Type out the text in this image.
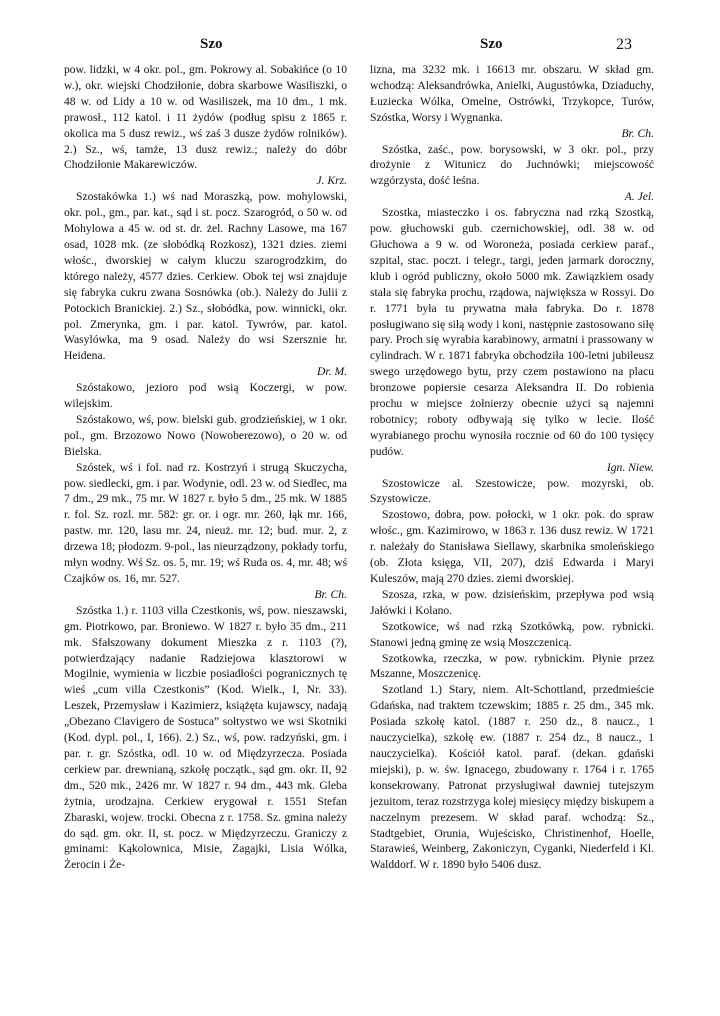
Szo	Szo	23

pow. lidzki, w 4 okr. pol., gm. Pokrowy al. Sobakińce (o 10 w.), okr. wiejski Chodziłonie, dobra skarbowe Wasiliszki, o 48 w. od Lidy a 10 w. od Wasiliszek, ma 10 dm., 1 mk. prawosł., 112 katol. i 11 żydów (podług spisu z 1865 r. okolica ma 5 dusz rewiz., wś zaś 3 dusze żydów rolników). 2.) Sz., wś, tamże, 13 dusz rewiz.; należy do dóbr Chodziłonie Makarewiczów.
J. Krz.

Szostakówka 1.) wś nad Moraszką, pow. mohylowski, okr. pol., gm., par. kat., sąd i st. pocz. Szarogród, o 50 w. od Mohylowa a 45 w. od st. dr. żel. Rachny Lasowe, ma 167 osad, 1028 mk. (ze słobódką Rozkosz), 1321 dzies. ziemi włośc., dworskiej w całym kluczu szarogrodzkim, do którego należy, 4577 dzies. Cerkiew. Obok tej wsi znajduje się fabryka cukru zwana Sosnówka (ob.). Należy do Julii z Potockich Branickiej. 2.) Sz., słobódka, pow. winnicki, okr. pol. Zmerynka, gm. i par. katol. Tywrów, par. katol. Wasylówka, ma 9 osad. Należy do wsi Szersznie hr. Heidena.
Dr. M.

Szóstakowo, jezioro pod wsią Koczergi, w pow. wilejskim.

Szóstakowo, wś, pow. bielski gub. grodzieńskiej, w 1 okr. pol., gm. Brzozowo Nowo (Nowoberezowo), o 20 w. od Bielska.

Szóstek, wś i fol. nad rz. Kostrzyń i strugą Skuczycha, pow. siedlecki, gm. i par. Wodynie, odl. 23 w. od Siedlec, ma 7 dm., 29 mk., 75 mr. W 1827 r. było 5 dm., 25 mk. W 1885 r. fol. Sz. rozl. mr. 582: gr. or. i ogr. mr. 260, łąk mr. 166, pastw. mr. 120, lasu mr. 24, nieuż. mr. 12; bud. mur. 2, z drzewa 18; płodozm. 9-pol., las nieurządzony, pokłady torfu, młyn wodny. Wś Sz. os. 5, mr. 19; wś Ruda os. 4, mr. 48; wś Czajków os. 16, mr. 527.
Br. Ch.

Szóstka 1.) r. 1103 villa Czestkonis, wś, pow. nieszawski, gm. Piotrkowo, par. Broniewo. W 1827 r. było 35 dm., 211 mk. Sfałszowany dokument Mieszka z r. 1103 (?), potwierdzający nadanie Radziejowa klasztorowi w Mogilnie, wymienia w liczbie posiadłości pogranicznych tę wieś „cum villa Czestkonis” (Kod. Wielk., I, Nr. 33). Leszek, Przemysław i Kazimierz, książęta kujawscy, nadają „Obezano Clavigero de Sostuca” sołtystwo we wsi Skotniki (Kod. dypl. pol., I, 166). 2.) Sz., wś, pow. radzyński, gm. i par. r. gr. Szóstka, odl. 10 w. od Międzyrzecza. Posiada cerkiew par. drewnianą, szkołę początk., sąd gm. okr. II, 92 dm., 520 mk., 2426 mr. W 1827 r. 94 dm., 443 mk. Gleba żytnia, urodzajna. Cerkiew erygował r. 1551 Stefan Zbaraski, wojew. trocki. Obecna z r. 1758. Sz. gmina należy do sąd. gm. okr. II, st. pocz. w Międzyrzeczu. Graniczy z gminami: Kąkolownica, Misie, Zagajki, Lisia Wólka, Żerocin i Że-

lizna, ma 3232 mk. i 16613 mr. obszaru. W skład gm. wchodzą: Aleksandrówka, Anielki, Augustówka, Dziaduchy, Łuzieckа Wólka, Omelne, Ostrówki, Trzykopce, Turów, Szóstka, Worsy i Wygnanka.
Br. Ch.

Szóstka, zaśc., pow. borysowski, w 3 okr. pol., przy drożynie z Witunicz do Juchnówki; miejscowość wzgórzysta, dość leśna.
A. Jel.

Szostka, miasteczko i os. fabryczna nad rzką Szostką, pow. głuchowski gub. czernichowskiej, odl. 38 w. od Głuchowa a 9 w. od Woroneża, posiada cerkiew paraf., szpital, stac. poczt. i telegr., targi, jeden jarmark doroczny, klub i ogród publiczny, około 5000 mk. Zawiązkiem osady stała się fabryka prochu, rządowa, największa w Rossyi. Do r. 1771 była tu prywatna mała fabryka. Do r. 1878 posługiwano się siłą wody i koni, następnie zastosowano siłę pary. Proch się wyrabia karabinowy, armatni i prassowany w cylindrach. W r. 1871 fabryka obchodziła 100-letni jubileusz swego urzędowego bytu, przy czem postawiono na placu bronzowe popiersie cesarza Aleksandra II. Do robienia prochu w miejsce żołnierzy obecnie użyci są najemni robotnicy; roboty odbywają się tylko w lecie. Ilość wyrabianego prochu wynosiła rocznie od 60 do 100 tysięcy pudów.
Ign. Niew.

Szostowicze al. Szestowicze, pow. mozyrski, ob. Szystowicze.

Szostowo, dobra, pow. połocki, w 1 okr. pok. do spraw włośc., gm. Kazimirowo, w 1863 r. 136 dusz rewiz. W 1721 r. należały do Stanisława Siellawy, skarbnika smoleńskiego (ob. Złota księga, VII, 207), dziś Edwarda i Maryi Kuleszów, mają 270 dzies. ziemi dworskiej.

Szosza, rzka, w pow. dzisieńskim, przepływa pod wsią Jałówki i Kolano.

Szotkowice, wś nad rzką Szotkówką, pow. rybnicki. Stanowi jedną gminę ze wsią Moszczenicą.

Szotkowka, rzeczka, w pow. rybnickim. Płynie przez Mszanne, Moszczenicę.

Szotland 1.) Stary, niem. Alt-Schottland, przedmieście Gdańska, nad traktem tczewskim; 1885 r. 25 dm., 345 mk. Posiada szkołę katol. (1887 r. 250 dz., 8 naucz., 1 nauczycielka), szkołę ew. (1887 r. 254 dz., 8 naucz., 1 nauczycielka). Kościół katol. paraf. (dekan. gdański miejski), p. w. św. Ignacego, zbudowany r. 1764 i r. 1765 konsekrowany. Patronat przysługiwał dawniej tutejszym jezuitom, teraz rozstrzyga kolej miesięcy między biskupem a naczelnym prezesem. W skład paraf. wchodzą: Sz., Stadtgebiet, Orunia, Wujeścisko, Christinenhof, Hoelle, Starawieś, Weinberg, Zakoniczyn, Cyganki, Niederfeld i Kl. Walddorf. W r. 1890 było 5406 dusz.
